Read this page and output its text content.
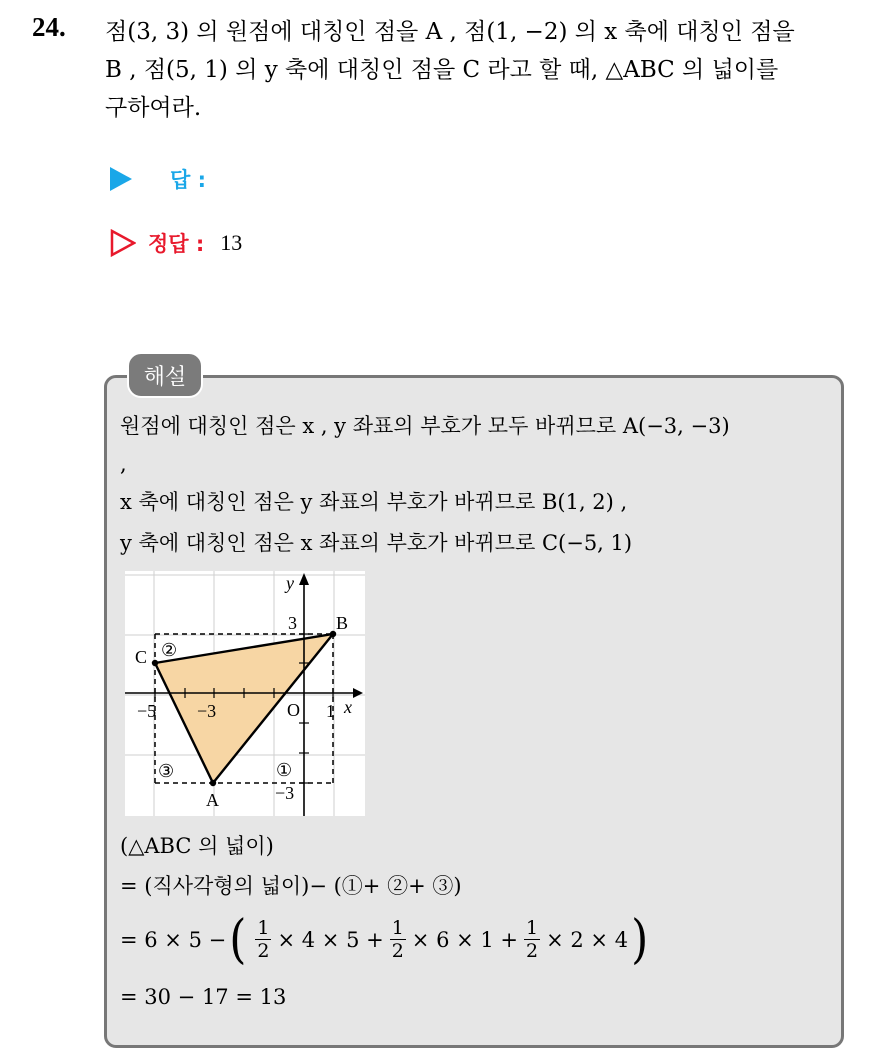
24. 점(3, 3) 의 원점에 대칭인 점을 A , 점(1, −2) 의 x 축에 대칭인 점을
B , 점(5, 1) 의 y 축에 대칭인 점을 C 라고 할 때, △ABC 의 넓이를
구하여라.
답 :
정답 : 13
해설
원점에 대칭인 점은 x , y 좌표의 부호가 모두 바뀌므로 A(−3, −3)
,
x 축에 대칭인 점은 y 좌표의 부호가 바뀌므로 B(1, 2) ,
y 축에 대칭인 점은 x 좌표의 부호가 바뀌므로 C(−5, 1)
A
B
C
O
−5 −3	1
3
−3
①
②
③
x
y
(△ABC 의 넓이)
= (직사각형의 넓이)− (①+ ②+ ③)
= 6 × 5 − ( $\frac{1}{2} \times 4 \times 5 + \frac{1}{2} \times 6 \times 1 + \frac{1}{2} \times 2 \times 4$ )
= 30 − 17 = 13
